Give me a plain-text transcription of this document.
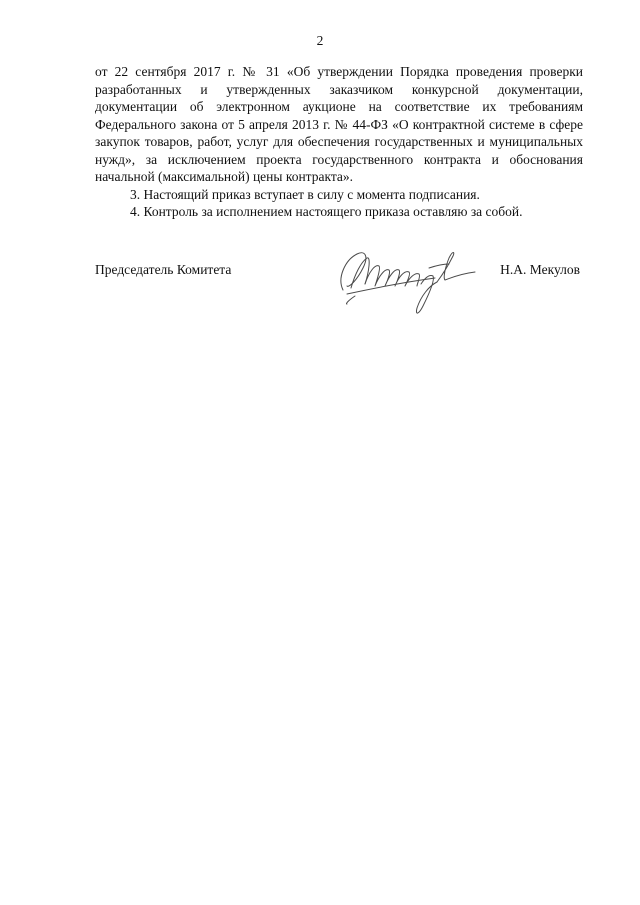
2

от 22 сентября 2017 г. № 31 «Об утверждении Порядка проведения проверки разработанных и утвержденных заказчиком конкурсной документации, документации об электронном аукционе на соответствие их требованиям Федерального закона от 5 апреля 2013 г. № 44-ФЗ «О контрактной системе в сфере закупок товаров, работ, услуг для обеспечения государственных и муниципальных нужд», за исключением проекта государственного контракта и обоснования начальной (максимальной) цены контракта».

3. Настоящий приказ вступает в силу с момента подписания.

4. Контроль за исполнением настоящего приказа оставляю за собой.

Председатель Комитета	Н.А. Мекулов
